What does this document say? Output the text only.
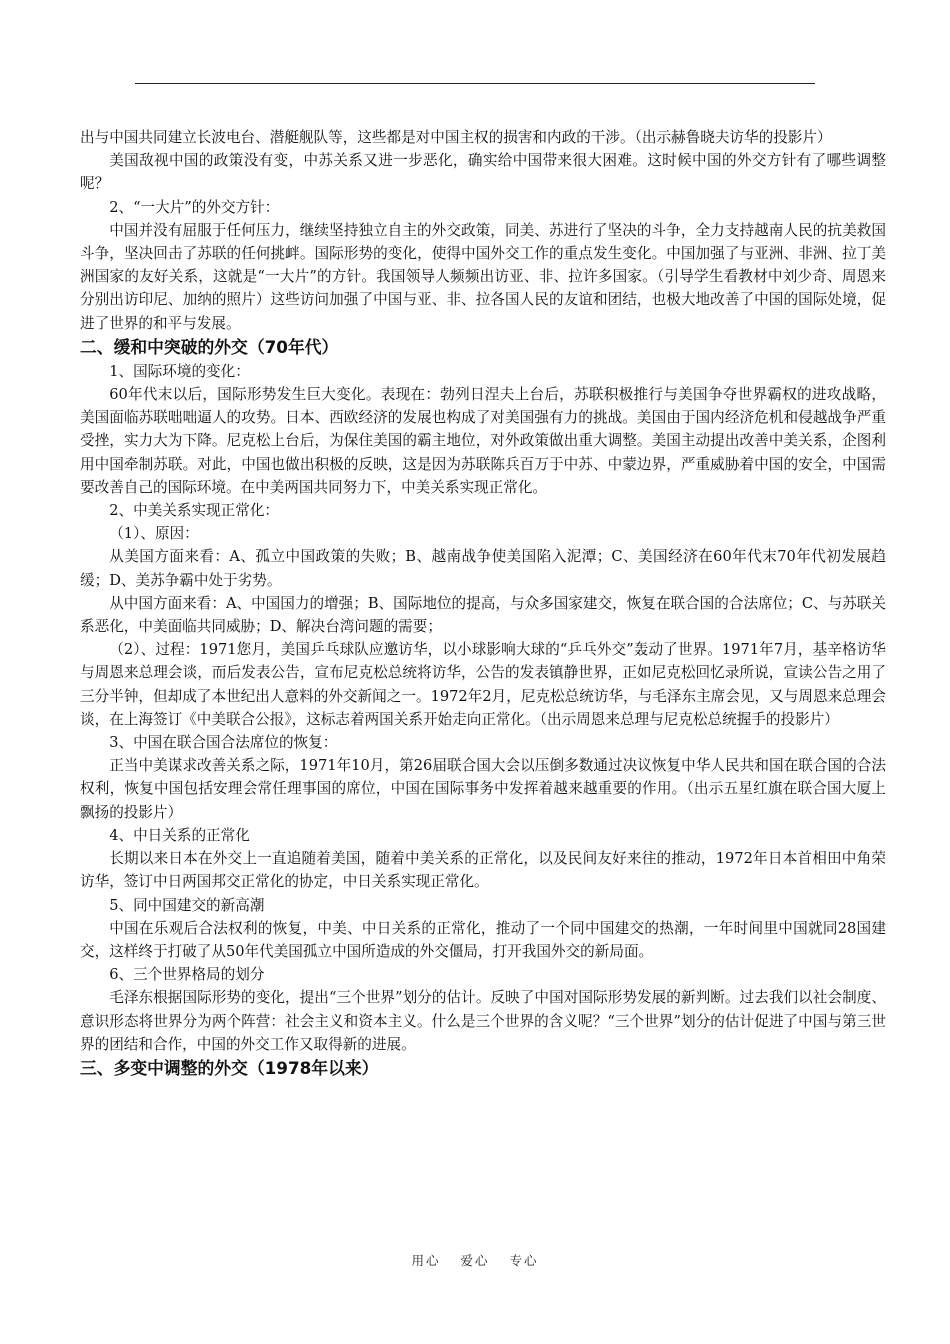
出与中国共同建立长波电台、潜艇舰队等，这些都是对中国主权的损害和内政的干涉。（出示赫鲁晓夫访华的投影片）

美国敌视中国的政策没有变，中苏关系又进一步恶化，确实给中国带来很大困难。这时候中国的外交方针有了哪些调整呢？

2、“一大片”的外交方针：

中国并没有屈服于任何压力，继续坚持独立自主的外交政策，同美、苏进行了坚决的斗争，全力支持越南人民的抗美救国斗争，坚决回击了苏联的任何挑衅。国际形势的变化，使得中国外交工作的重点发生变化。中国加强了与亚洲、非洲、拉丁美洲国家的友好关系，这就是“一大片”的方针。我国领导人频频出访亚、非、拉许多国家。（引导学生看教材中刘少奇、周恩来分别出访印尼、加纳的照片）这些访问加强了中国与亚、非、拉各国人民的友谊和团结，也极大地改善了中国的国际处境，促进了世界的和平与发展。

二、缓和中突破的外交（70年代）

1、国际环境的变化：

60年代末以后，国际形势发生巨大变化。表现在：勃列日涅夫上台后，苏联积极推行与美国争夺世界霸权的进攻战略，美国面临苏联咄咄逼人的攻势。日本、西欧经济的发展也构成了对美国强有力的挑战。美国由于国内经济危机和侵越战争严重受挫，实力大为下降。尼克松上台后，为保住美国的霸主地位，对外政策做出重大调整。美国主动提出改善中美关系，企图利用中国牵制苏联。对此，中国也做出积极的反映，这是因为苏联陈兵百万于中苏、中蒙边界，严重威胁着中国的安全，中国需要改善自己的国际环境。在中美两国共同努力下，中美关系实现正常化。

2、中美关系实现正常化：

（1）、原因：

从美国方面来看：A、孤立中国政策的失败；B、越南战争使美国陷入泥潭；C、美国经济在60年代末70年代初发展趋缓；D、美苏争霸中处于劣势。

从中国方面来看：A、中国国力的增强；B、国际地位的提高，与众多国家建交，恢复在联合国的合法席位；C、与苏联关系恶化，中美面临共同威胁；D、解决台湾问题的需要；

（2）、过程：1971您月，美国乒乓球队应邀访华，以小球影响大球的“乒乓外交”轰动了世界。1971年7月，基辛格访华与周恩来总理会谈，而后发表公告，宣布尼克松总统将访华，公告的发表镇静世界，正如尼克松回忆录所说，宣读公告之用了三分半钟，但却成了本世纪出人意料的外交新闻之一。1972年2月，尼克松总统访华，与毛泽东主席会见，又与周恩来总理会谈，在上海签订《中美联合公报》，这标志着两国关系开始走向正常化。（出示周恩来总理与尼克松总统握手的投影片）

3、中国在联合国合法席位的恢复：

正当中美谋求改善关系之际，1971年10月，第26届联合国大会以压倒多数通过决议恢复中华人民共和国在联合国的合法权利，恢复中国包括安理会常任理事国的席位，中国在国际事务中发挥着越来越重要的作用。（出示五星红旗在联合国大厦上飘扬的投影片）

4、中日关系的正常化

长期以来日本在外交上一直追随着美国，随着中美关系的正常化，以及民间友好来往的推动，1972年日本首相田中角荣访华，签订中日两国邦交正常化的协定，中日关系实现正常化。

5、同中国建交的新高潮

中国在乐观后合法权利的恢复，中美、中日关系的正常化，推动了一个同中国建交的热潮，一年时间里中国就同28国建交，这样终于打破了从50年代美国孤立中国所造成的外交僵局，打开我国外交的新局面。

6、三个世界格局的划分

毛泽东根据国际形势的变化，提出“三个世界”划分的估计。反映了中国对国际形势发展的新判断。过去我们以社会制度、意识形态将世界分为两个阵营：社会主义和资本主义。什么是三个世界的含义呢？“三个世界”划分的估计促进了中国与第三世界的团结和合作，中国的外交工作又取得新的进展。

三、多变中调整的外交（1978年以来）

用心 爱心 专心
